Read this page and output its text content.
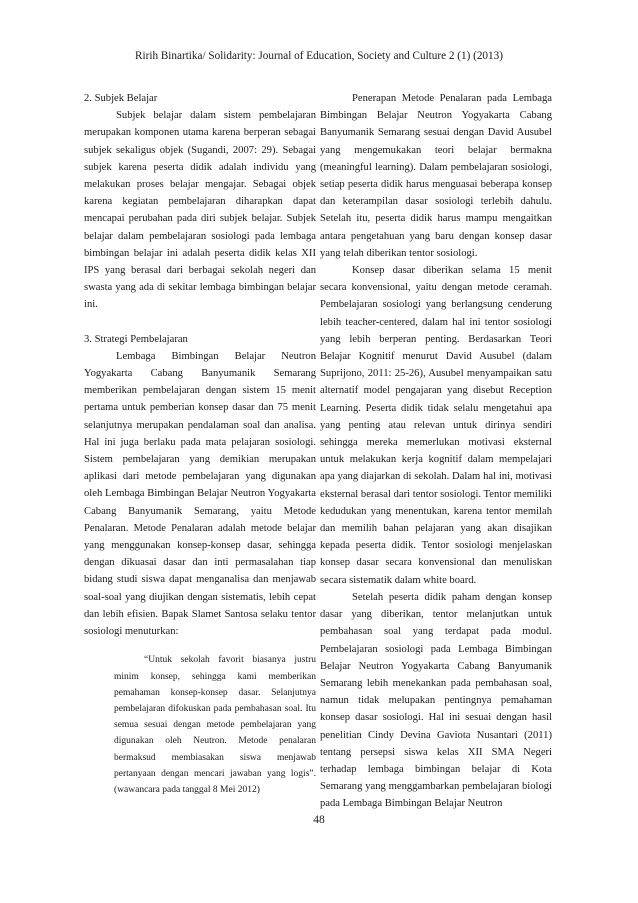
Ririh Binartika/ Solidarity: Journal of Education, Society and Culture 2 (1) (2013)

2. Subjek Belajar

Subjek belajar dalam sistem pembelajaran merupakan komponen utama karena berperan sebagai subjek sekaligus objek (Sugandi, 2007: 29). Sebagai subjek karena peserta didik adalah individu yang melakukan proses belajar mengajar. Sebagai objek karena kegiatan pembelajaran diharapkan dapat mencapai perubahan pada diri subjek belajar. Subjek belajar dalam pembelajaran sosiologi pada lembaga bimbingan belajar ini adalah peserta didik kelas XII IPS yang berasal dari berbagai sekolah negeri dan swasta yang ada di sekitar lembaga bimbingan belajar ini.

3. Strategi Pembelajaran

Lembaga Bimbingan Belajar Neutron Yogyakarta Cabang Banyumanik Semarang memberikan pembelajaran dengan sistem 15 menit pertama untuk pemberian konsep dasar dan 75 menit selanjutnya merupakan pendalaman soal dan analisa. Hal ini juga berlaku pada mata pelajaran sosiologi. Sistem pembelajaran yang demikian merupakan aplikasi dari metode pembelajaran yang digunakan oleh Lembaga Bimbingan Belajar Neutron Yogyakarta Cabang Banyumanik Semarang, yaitu Metode Penalaran. Metode Penalaran adalah metode belajar yang menggunakan konsep-konsep dasar, sehingga dengan dikuasai dasar dan inti permasalahan tiap bidang studi siswa dapat menganalisa dan menjawab soal-soal yang diujikan dengan sistematis, lebih cepat dan lebih efisien. Bapak Slamet Santosa selaku tentor sosiologi menuturkan:

“Untuk sekolah favorit biasanya justru minim konsep, sehingga kami memberikan pemahaman konsep-konsep dasar. Selanjutnya pembelajaran difokuskan pada pembahasan soal. Itu semua sesuai dengan metode pembelajaran yang digunakan oleh Neutron. Metode penalaran bermaksud membiasakan siswa menjawab pertanyaan dengan mencari jawaban yang logis”. (wawancara pada tanggal 8 Mei 2012)

Penerapan Metode Penalaran pada Lembaga Bimbingan Belajar Neutron Yogyakarta Cabang Banyumanik Semarang sesuai dengan David Ausubel yang mengemukakan teori belajar bermakna (meaningful learning). Dalam pembelajaran sosiologi, setiap peserta didik harus menguasai beberapa konsep dan keterampilan dasar sosiologi terlebih dahulu. Setelah itu, peserta didik harus mampu mengaitkan antara pengetahuan yang baru dengan konsep dasar yang telah diberikan tentor sosiologi.

Konsep dasar diberikan selama 15 menit secara konvensional, yaitu dengan metode ceramah. Pembelajaran sosiologi yang berlangsung cenderung lebih teacher-centered, dalam hal ini tentor sosiologi yang lebih berperan penting. Berdasarkan Teori Belajar Kognitif menurut David Ausubel (dalam Suprijono, 2011: 25-26), Ausubel menyampaikan satu alternatif model pengajaran yang disebut Reception Learning. Peserta didik tidak selalu mengetahui apa yang penting atau relevan untuk dirinya sendiri sehingga mereka memerlukan motivasi eksternal untuk melakukan kerja kognitif dalam mempelajari apa yang diajarkan di sekolah. Dalam hal ini, motivasi eksternal berasal dari tentor sosiologi. Tentor memiliki kedudukan yang menentukan, karena tentor memilah dan memilih bahan pelajaran yang akan disajikan kepada peserta didik. Tentor sosiologi menjelaskan konsep dasar secara konvensional dan menuliskan secara sistematik dalam white board.

Setelah peserta didik paham dengan konsep dasar yang diberikan, tentor melanjutkan untuk pembahasan soal yang terdapat pada modul. Pembelajaran sosiologi pada Lembaga Bimbingan Belajar Neutron Yogyakarta Cabang Banyumanik Semarang lebih menekankan pada pembahasan soal, namun tidak melupakan pentingnya pemahaman konsep dasar sosiologi. Hal ini sesuai dengan hasil penelitian Cindy Devina Gaviota Nusantari (2011) tentang persepsi siswa kelas XII SMA Negeri terhadap lembaga bimbingan belajar di Kota Semarang yang menggambarkan pembelajaran biologi pada Lembaga Bimbingan Belajar Neutron

48
